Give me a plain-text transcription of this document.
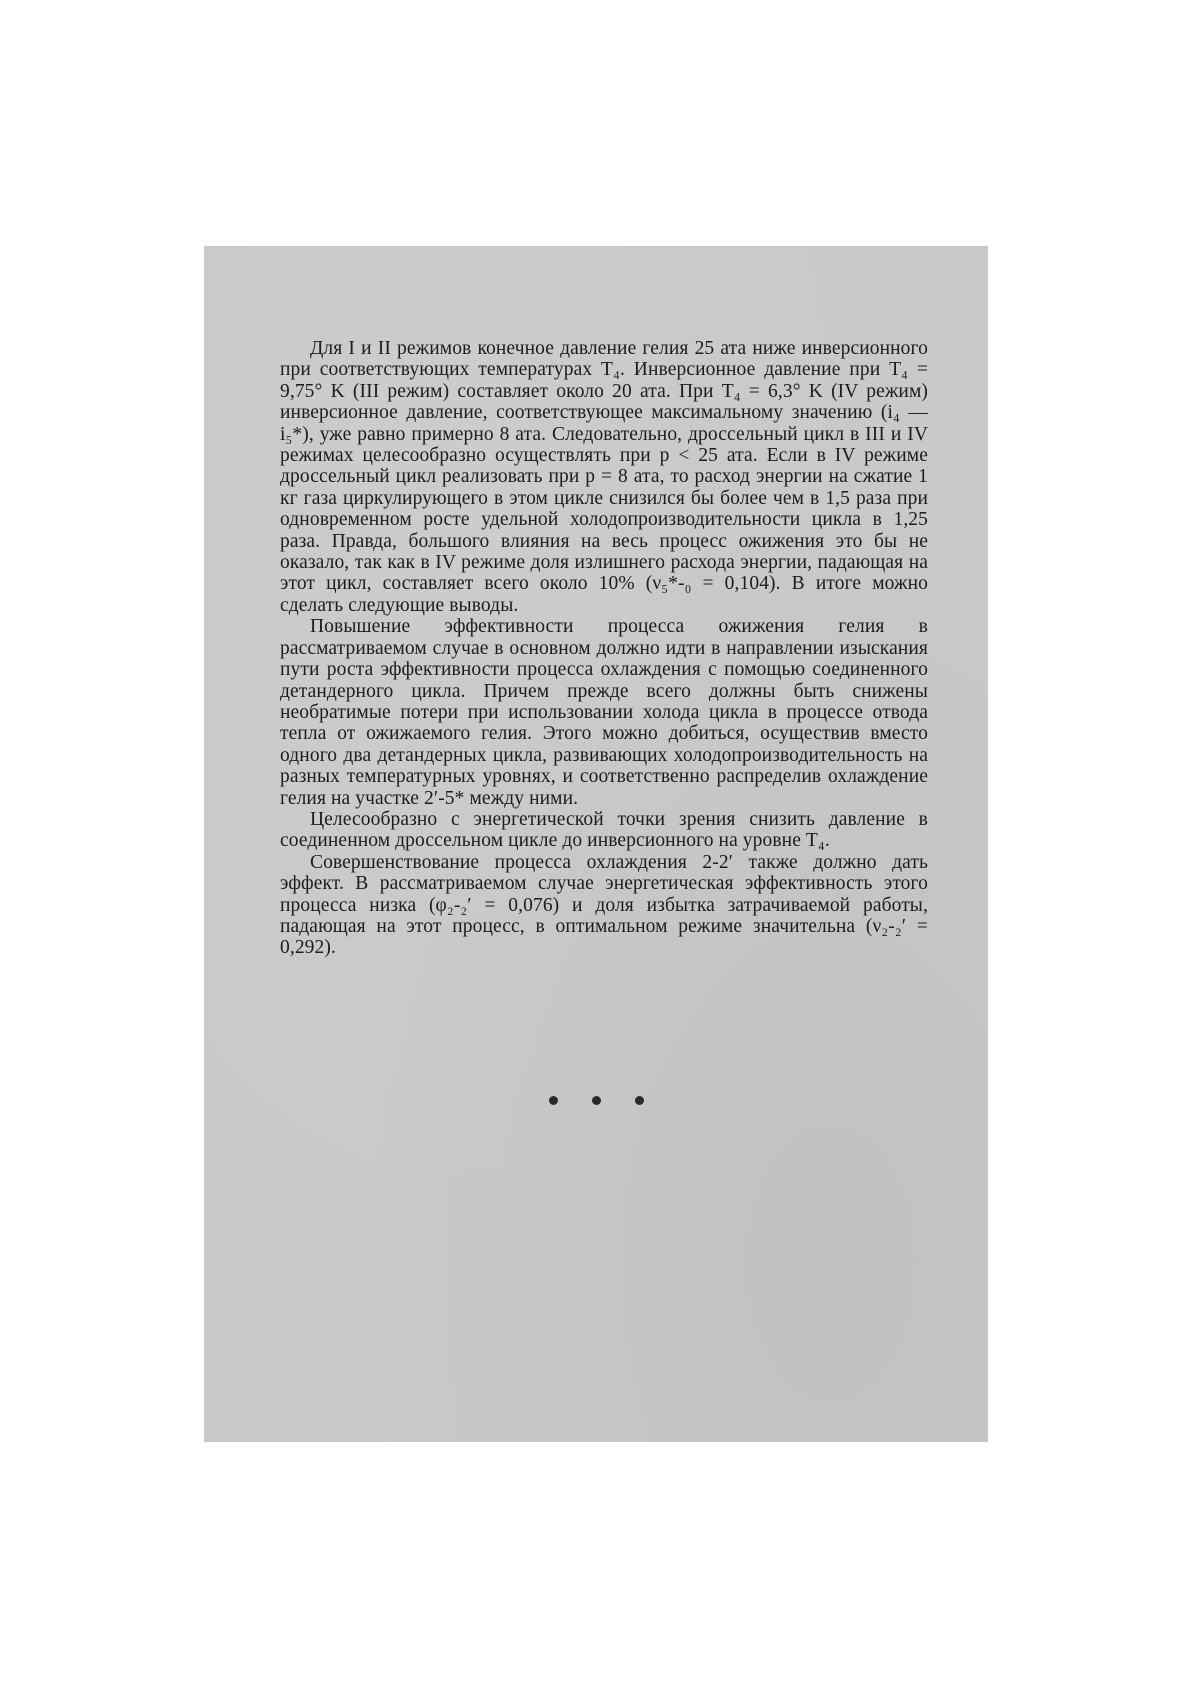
Для I и II режимов конечное давление гелия 25 ата ниже инверсионного при соответствующих температурах T₄. Инверсионное давление при T₄ = 9,75° K (III режим) составляет около 20 ата. При T₄ = 6,3° K (IV режим) инверсионное давление, соответствующее максимальному значению (i₄ — i₅*), уже равно примерно 8 ата. Следовательно, дроссельный цикл в III и IV режимах целесообразно осуществлять при p < 25 ата. Если в IV режиме дроссельный цикл реализовать при p = 8 ата, то расход энергии на сжатие 1 кг газа циркулирующего в этом цикле снизился бы более чем в 1,5 раза при одновременном росте удельной холодопроизводительности цикла в 1,25 раза. Правда, большого влияния на весь процесс ожижения это бы не оказало, так как в IV режиме доля излишнего расхода энергии, падающая на этот цикл, составляет всего около 10% (ν₅*-₀ = 0,104). В итоге можно сделать следующие выводы.

Повышение эффективности процесса ожижения гелия в рассматриваемом случае в основном должно идти в направлении изыскания пути роста эффективности процесса охлаждения с помощью соединенного детандерного цикла. Причем прежде всего должны быть снижены необратимые потери при использовании холода цикла в процессе отвода тепла от ожижаемого гелия. Этого можно добиться, осуществив вместо одного два детандерных цикла, развивающих холодопроизводительность на разных температурных уровнях, и соответственно распределив охлаждение гелия на участке 2′-5* между ними.

Целесообразно с энергетической точки зрения снизить давление в соединенном дроссельном цикле до инверсионного на уровне T₄.

Совершенствование процесса охлаждения 2-2′ также должно дать эффект. В рассматриваемом случае энергетическая эффективность этого процесса низка (φ₂-₂′ = 0,076) и доля избытка затрачиваемой работы, падающая на этот процесс, в оптимальном режиме значительна (ν₂-₂′ = 0,292).
